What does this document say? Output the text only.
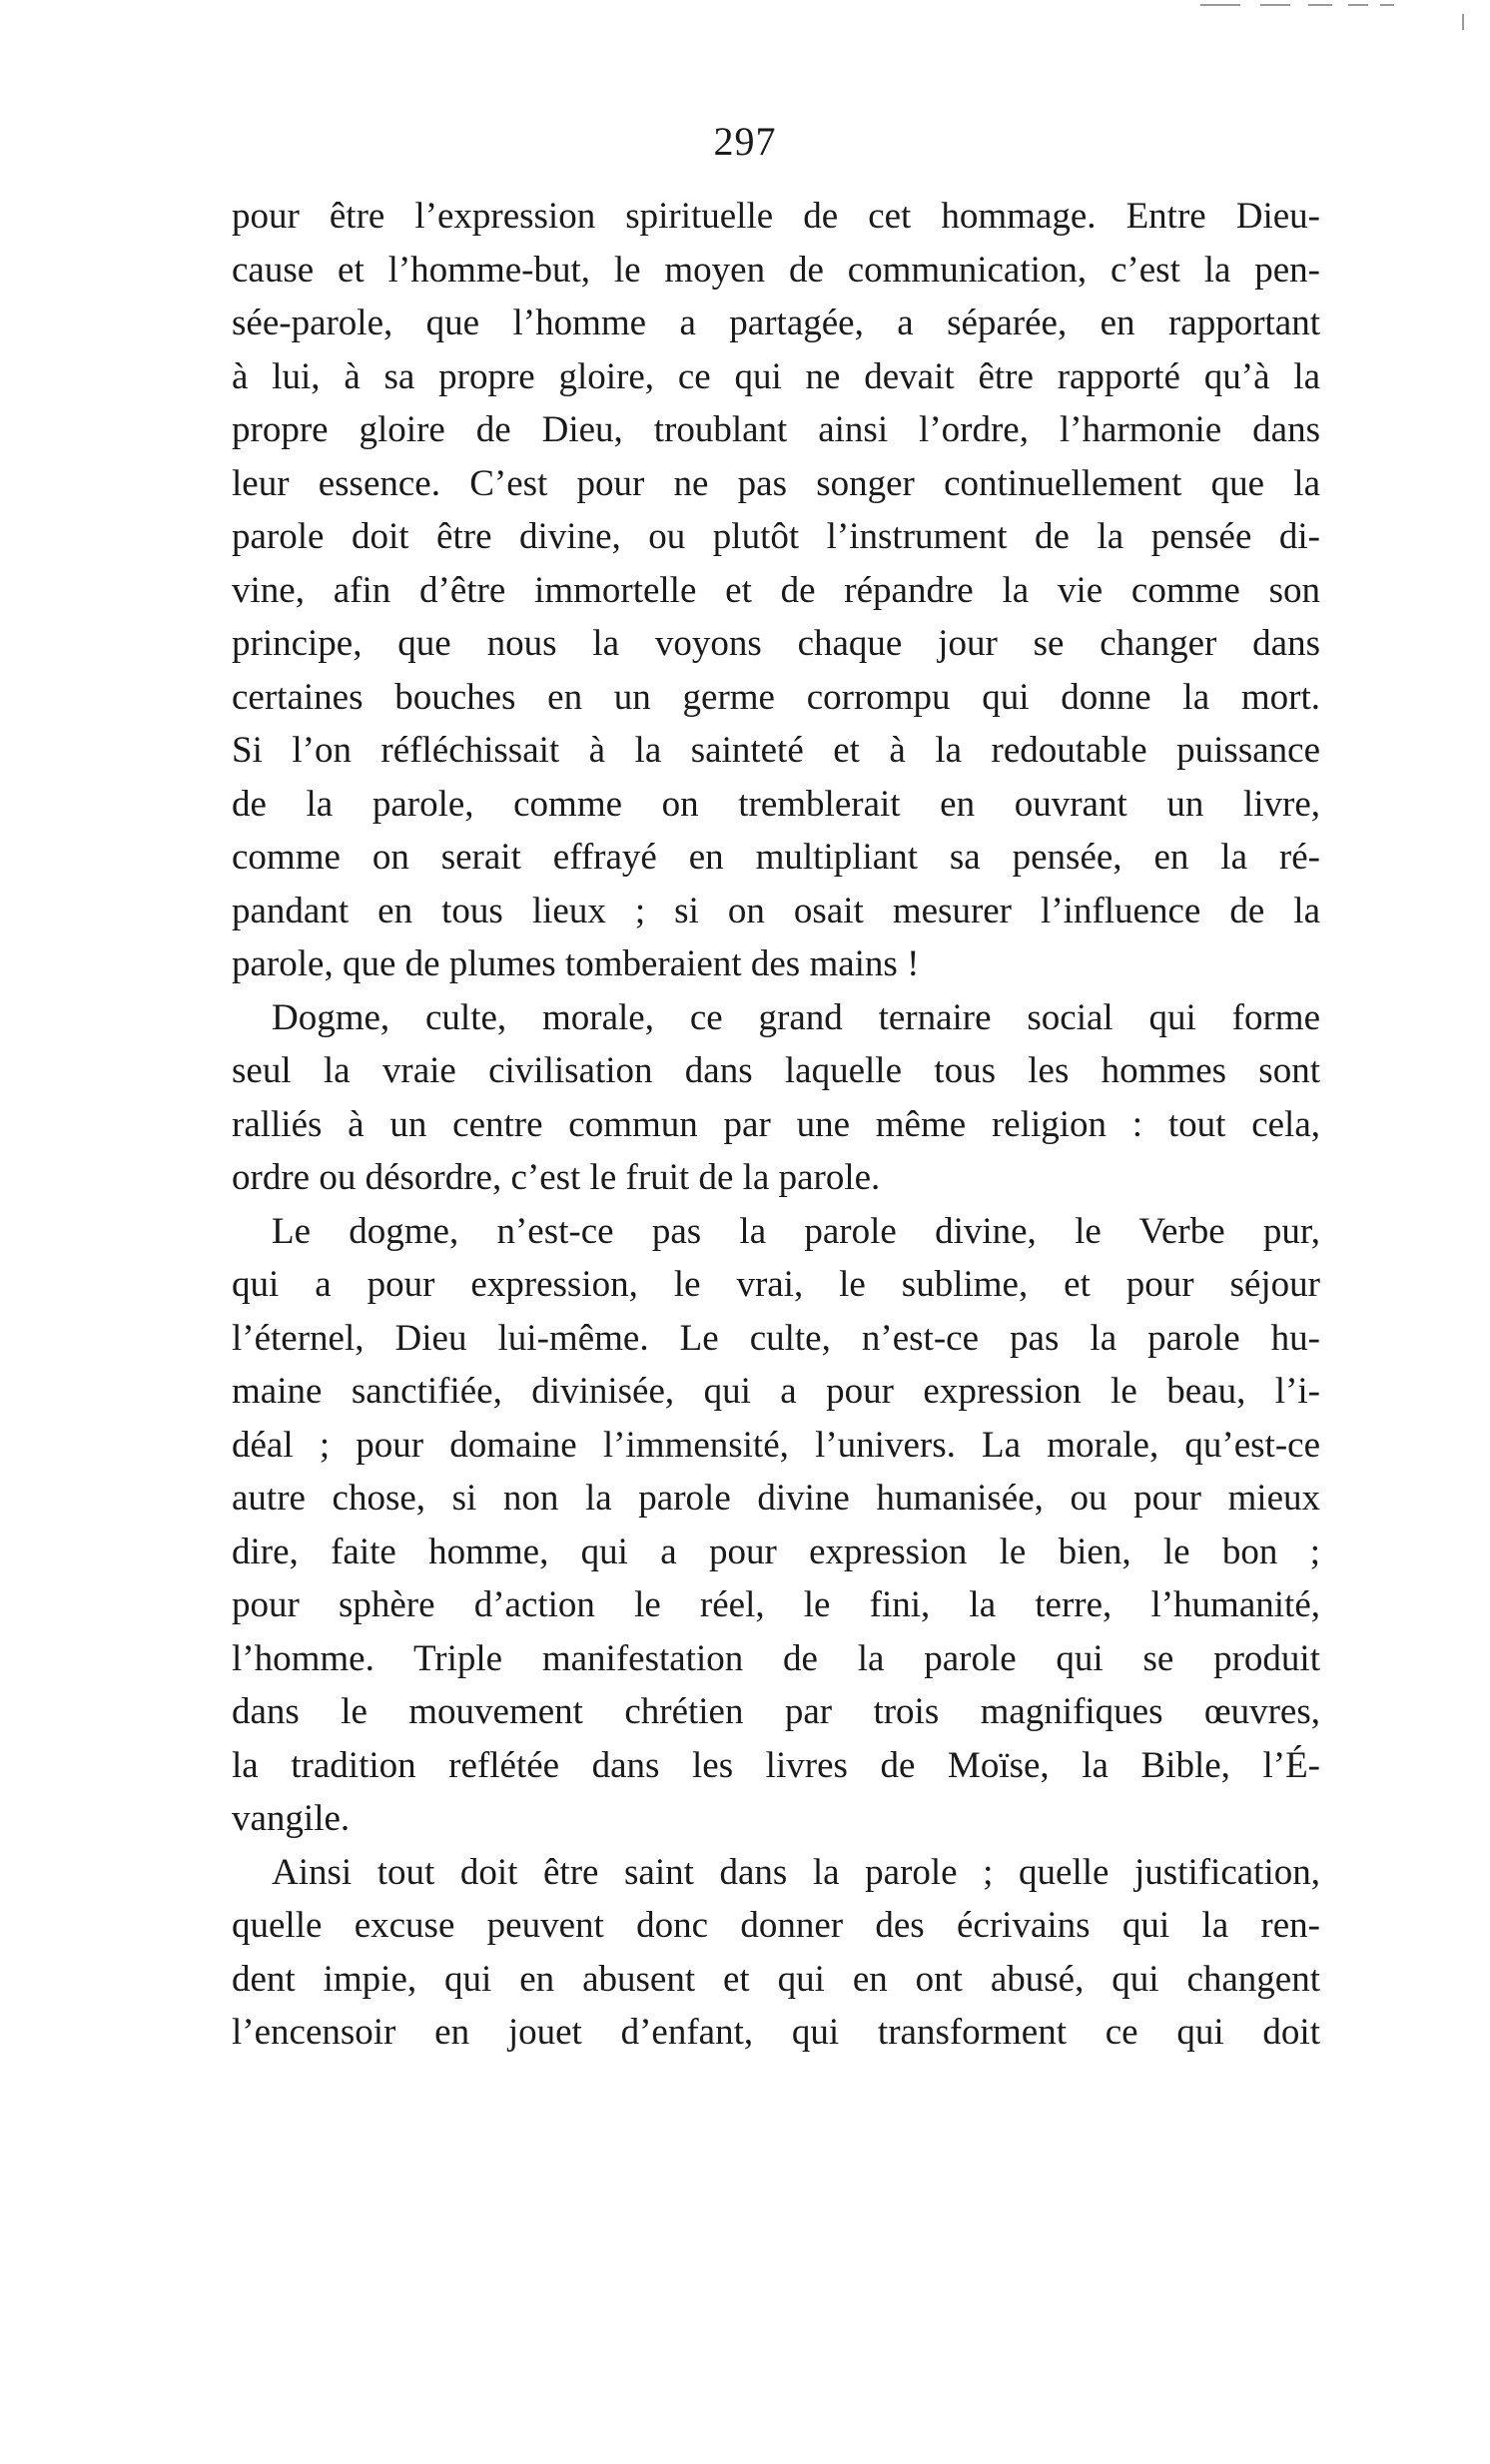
297
pour être l’expression spirituelle de cet hommage. Entre Dieu-
cause et l’homme-but, le moyen de communication, c’est la pen-
sée-parole, que l’homme a partagée, a séparée, en rapportant
à lui, à sa propre gloire, ce qui ne devait être rapporté qu’à la
propre gloire de Dieu, troublant ainsi l’ordre, l’harmonie dans
leur essence. C’est pour ne pas songer continuellement que la
parole doit être divine, ou plutôt l’instrument de la pensée di-
vine, afin d’être immortelle et de répandre la vie comme son
principe, que nous la voyons chaque jour se changer dans
certaines bouches en un germe corrompu qui donne la mort.
Si l’on réfléchissait à la sainteté et à la redoutable puissance
de la parole, comme on tremblerait en ouvrant un livre,
comme on serait effrayé en multipliant sa pensée, en la ré-
pandant en tous lieux ; si on osait mesurer l’influence de la
parole, que de plumes tomberaient des mains !
Dogme, culte, morale, ce grand ternaire social qui forme
seul la vraie civilisation dans laquelle tous les hommes sont
ralliés à un centre commun par une même religion : tout cela,
ordre ou désordre, c’est le fruit de la parole.
Le dogme, n’est-ce pas la parole divine, le Verbe pur,
qui a pour expression, le vrai, le sublime, et pour séjour
l’éternel, Dieu lui-même. Le culte, n’est-ce pas la parole hu-
maine sanctifiée, divinisée, qui a pour expression le beau, l’i-
déal ; pour domaine l’immensité, l’univers. La morale, qu’est-ce
autre chose, si non la parole divine humanisée, ou pour mieux
dire, faite homme, qui a pour expression le bien, le bon ;
pour sphère d’action le réel, le fini, la terre, l’humanité,
l’homme. Triple manifestation de la parole qui se produit
dans le mouvement chrétien par trois magnifiques œuvres,
la tradition reflétée dans les livres de Moïse, la Bible, l’É-
vangile.
Ainsi tout doit être saint dans la parole ; quelle justification,
quelle excuse peuvent donc donner des écrivains qui la ren-
dent impie, qui en abusent et qui en ont abusé, qui changent
l’encensoir en jouet d’enfant, qui transforment ce qui doit
